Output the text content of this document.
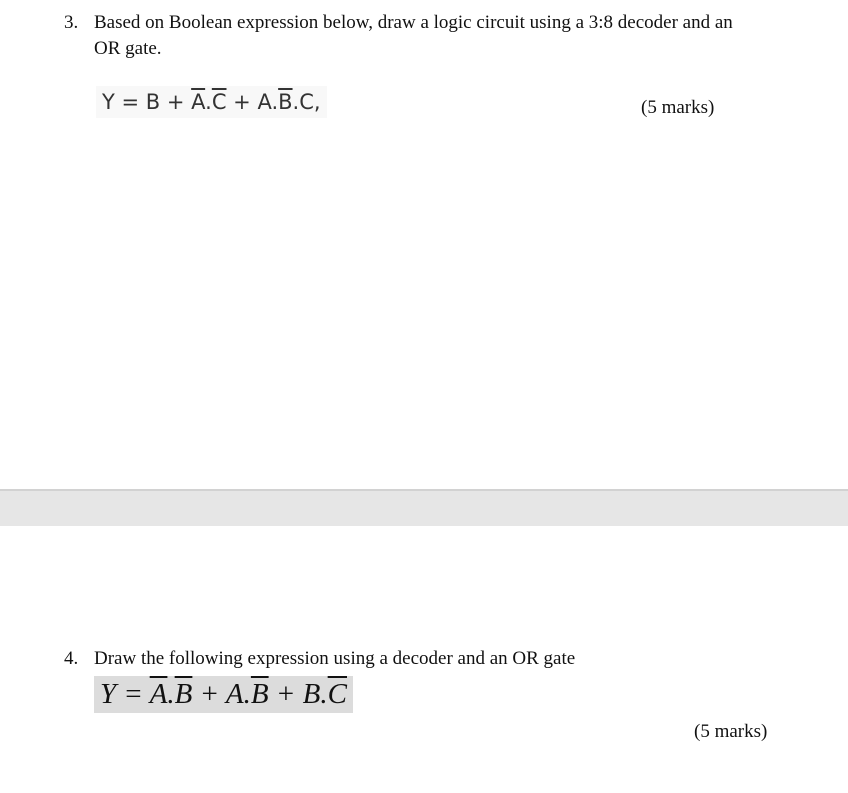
3. Based on Boolean expression below, draw a logic circuit using a 3:8 decoder and an
OR gate.
$Y = B + \overline{A}.\overline{C} + A.\overline{B}.C$,	(5 marks)
4. Draw the following expression using a decoder and an OR gate
$Y = \overline{A}.\overline{B} + A.\overline{B} + B.\overline{C}$
(5 marks)
